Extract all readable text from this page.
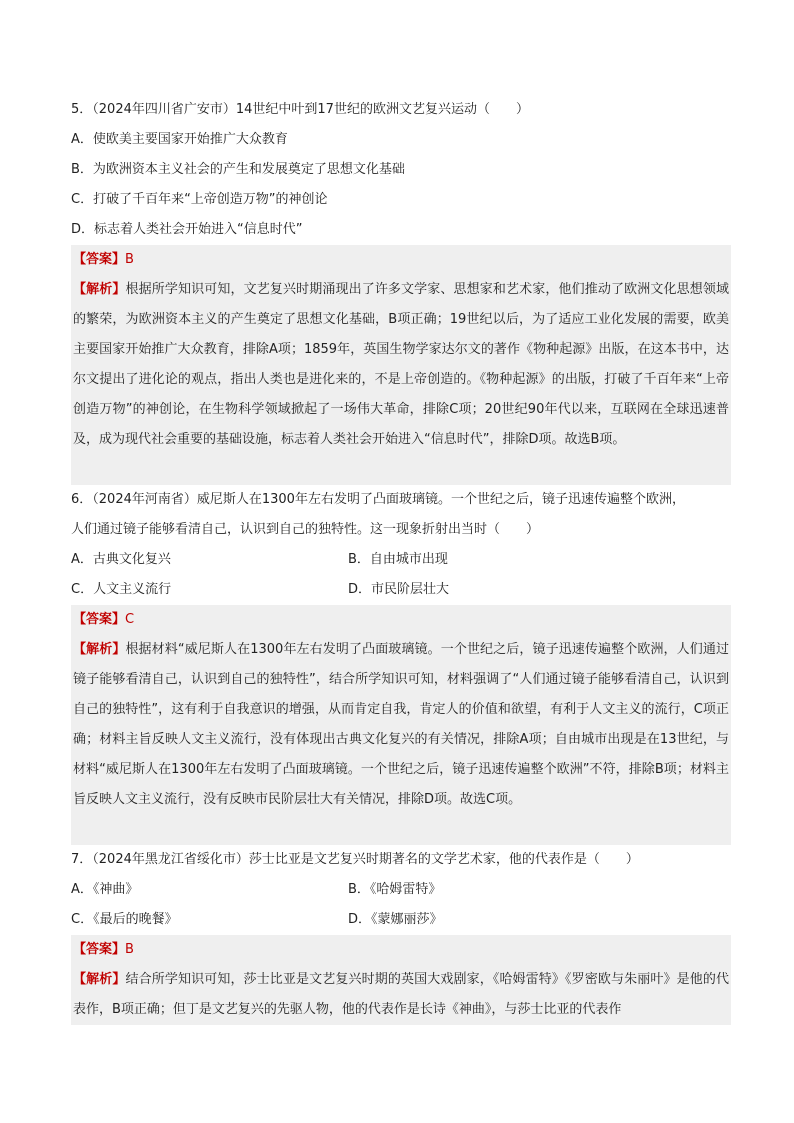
5．（2024年四川省广安市）14世纪中叶到17世纪的欧洲文艺复兴运动（　　）
A．使欧美主要国家开始推广大众教育
B．为欧洲资本主义社会的产生和发展奠定了思想文化基础
C．打破了千百年来“上帝创造万物”的神创论
D．标志着人类社会开始进入“信息时代”
【答案】B

【解析】根据所学知识可知，文艺复兴时期涌现出了许多文学家、思想家和艺术家，他们推动了欧洲文化思想领域的繁荣，为欧洲资本主义的产生奠定了思想文化基础，B项正确；19世纪以后，为了适应工业化发展的需要，欧美主要国家开始推广大众教育，排除A项；1859年，英国生物学家达尔文的著作《物种起源》出版，在这本书中，达尔文提出了进化论的观点，指出人类也是进化来的，不是上帝创造的。《物种起源》的出版，打破了千百年来“上帝创造万物”的神创论，在生物科学领域掀起了一场伟大革命，排除C项；20世纪90年代以来，互联网在全球迅速普及，成为现代社会重要的基础设施，标志着人类社会开始进入“信息时代”，排除D项。故选B项。

6．（2024年河南省）威尼斯人在1300年左右发明了凸面玻璃镜。一个世纪之后，镜子迅速传遍整个欧洲，
人们通过镜子能够看清自己，认识到自己的独特性。这一现象折射出当时（　　）
A．古典文化复兴	B．自由城市出现
C．人文主义流行	D．市民阶层壮大
【答案】C

【解析】根据材料“威尼斯人在1300年左右发明了凸面玻璃镜。一个世纪之后，镜子迅速传遍整个欧洲，人们通过镜子能够看清自己，认识到自己的独特性”，结合所学知识可知，材料强调了“人们通过镜子能够看清自己，认识到自己的独特性”，这有利于自我意识的增强，从而肯定自我，肯定人的价值和欲望，有利于人文主义的流行，C项正确；材料主旨反映人文主义流行，没有体现出古典文化复兴的有关情况，排除A项；自由城市出现是在13世纪，与材料“威尼斯人在1300年左右发明了凸面玻璃镜。一个世纪之后，镜子迅速传遍整个欧洲”不符，排除B项；材料主旨反映人文主义流行，没有反映市民阶层壮大有关情况，排除D项。故选C项。

7．（2024年黑龙江省绥化市）莎士比亚是文艺复兴时期著名的文学艺术家，他的代表作是（　　）
A．《神曲》	B．《哈姆雷特》
C．《最后的晚餐》	D．《蒙娜丽莎》
【答案】B

【解析】结合所学知识可知，莎士比亚是文艺复兴时期的英国大戏剧家，《哈姆雷特》《罗密欧与朱丽叶》是他的代表作，B项正确；但丁是文艺复兴的先驱人物，他的代表作是长诗《神曲》，与莎士比亚的代表作
